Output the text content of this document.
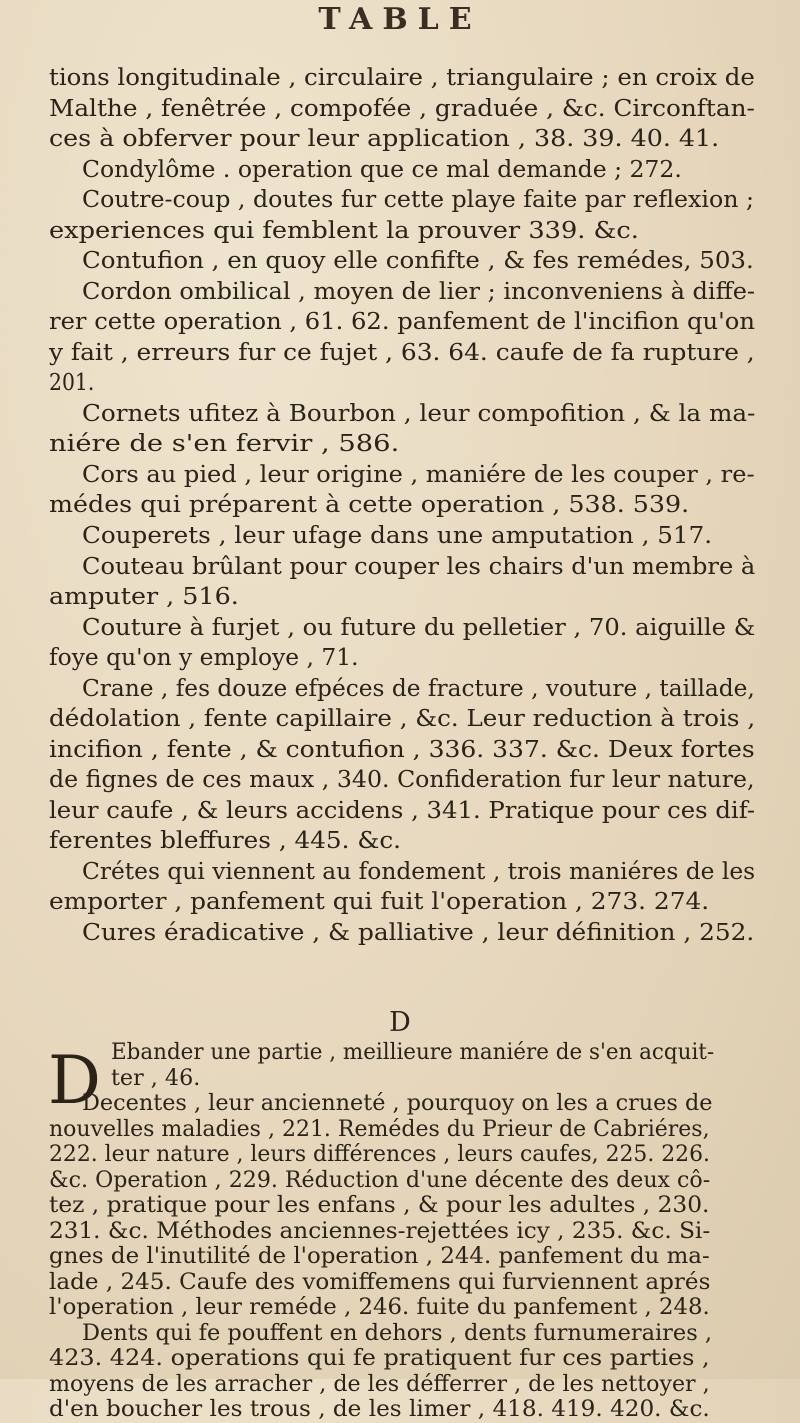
TABLE

tions longitudinale , circulaire , triangulaire ; en croix de

Malthe , fenêtrée , compofée , graduée , &c. Circonftan-

ces à obferver pour leur application , 38. 39. 40. 41.

Condylôme . operation que ce mal demande ; 272.

Coutre-coup , doutes fur cette playe faite par reflexion ;

experiences qui femblent la prouver 339. &c.

Contufion , en quoy elle confifte , & fes remédes, 503.

Cordon ombilical , moyen de lier ; inconveniens à diffe-

rer cette operation , 61. 62. panfement de l'incifion qu'on

y fait , erreurs fur ce fujet , 63. 64. caufe de fa rupture ,

201.

Cornets ufitez à Bourbon , leur compofition , & la ma-

niére de s'en fervir , 586.

Cors au pied , leur origine , maniére de les couper , re-

médes qui préparent à cette operation , 538. 539.

Couperets , leur ufage dans une amputation , 517.

Couteau brûlant pour couper les chairs d'un membre à

amputer , 516.

Couture à furjet , ou future du pelletier , 70. aiguille &

foye qu'on y employe , 71.

Crane , fes douze efpéces de fracture , vouture , taillade,

dédolation , fente capillaire , &c. Leur reduction à trois ,

incifion , fente , & contufion , 336. 337. &c. Deux fortes

de fignes de ces maux , 340. Confideration fur leur nature,

leur caufe , & leurs accidens , 341. Pratique pour ces dif-

ferentes bleffures , 445. &c.

Crétes qui viennent au fondement , trois maniéres de les

emporter , panfement qui fuit l'operation , 273. 274.

Cures éradicative , & palliative , leur définition , 252.

Ebander une partie , meillieure maniére de s'en acquit-

ter , 46.

Decentes , leur ancienneté , pourquoy on les a crues de

nouvelles maladies , 221. Remédes du Prieur de Cabriéres,

222. leur nature , leurs différences , leurs caufes, 225. 226.

&c. Operation , 229. Réduction d'une décente des deux cô-

tez , pratique pour les enfans , & pour les adultes , 230.

231. &c. Méthodes anciennes-rejettées icy , 235. &c. Si-

gnes de l'inutilité de l'operation , 244. panfement du ma-

lade , 245. Caufe des vomiffemens qui furviennent aprés

l'operation , leur reméde , 246. fuite du panfement , 248.

Dents qui fe pouffent en dehors , dents furnumeraires ,

423. 424. operations qui fe pratiquent fur ces parties ,

moyens de les arracher , de les défferrer , de les nettoyer ,

d'en boucher les trous , de les limer , 418. 419. 420. &c.

D

D
